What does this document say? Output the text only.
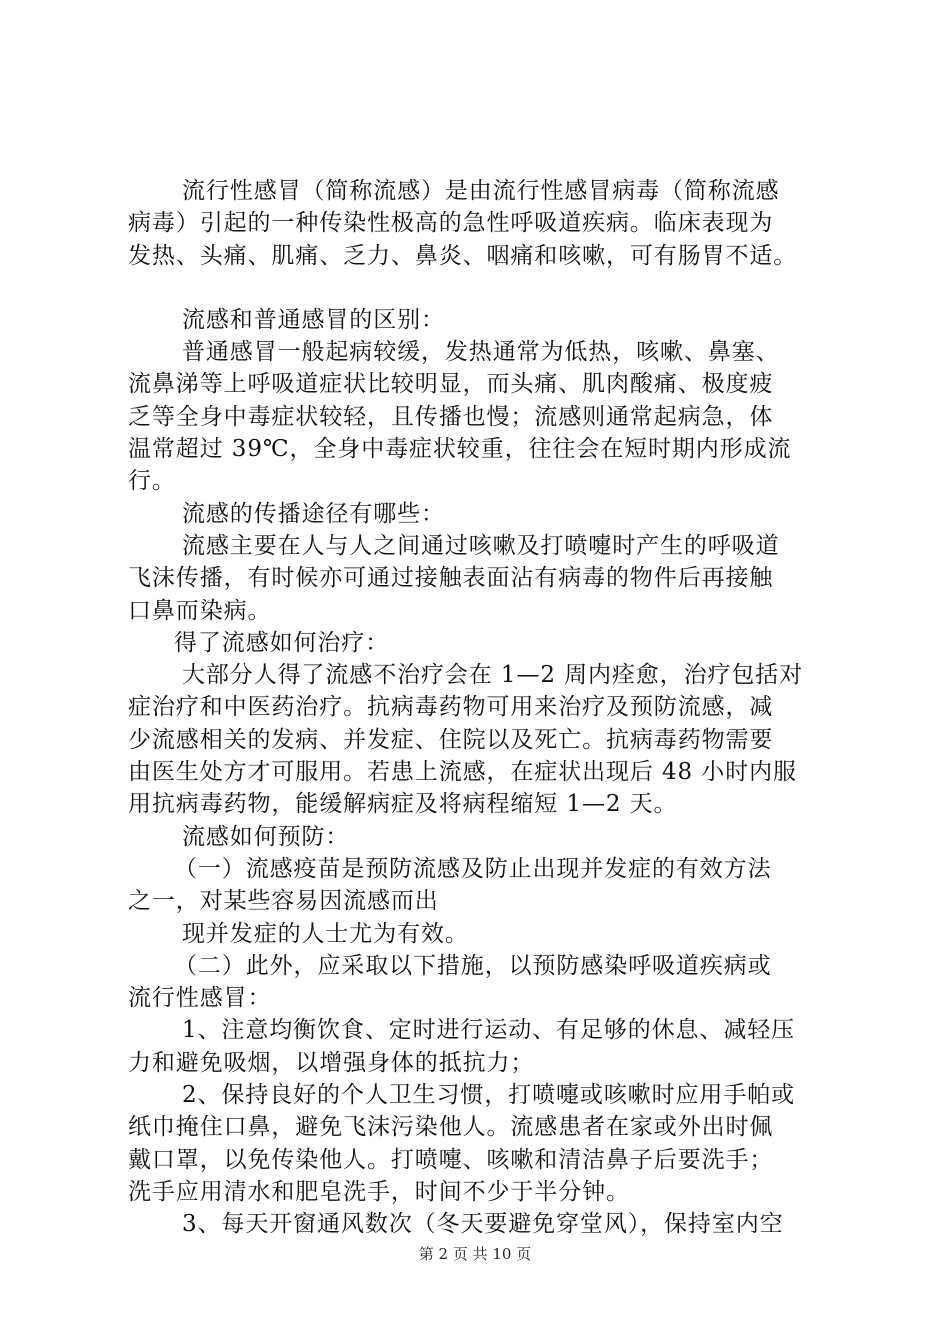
流行性感冒（简称流感）是由流行性感冒病毒（简称流感
病毒）引起的一种传染性极高的急性呼吸道疾病。临床表现为
发热、头痛、肌痛、乏力、鼻炎、咽痛和咳嗽，可有肠胃不适。
流感和普通感冒的区别：
普通感冒一般起病较缓，发热通常为低热，咳嗽、鼻塞、
流鼻涕等上呼吸道症状比较明显，而头痛、肌肉酸痛、极度疲
乏等全身中毒症状较轻，且传播也慢；流感则通常起病急，体
温常超过 39℃，全身中毒症状较重，往往会在短时期内形成流
行。
流感的传播途径有哪些：
流感主要在人与人之间通过咳嗽及打喷嚏时产生的呼吸道
飞沫传播，有时候亦可通过接触表面沾有病毒的物件后再接触
口鼻而染病。
得了流感如何治疗：
大部分人得了流感不治疗会在 1—2 周内痊愈，治疗包括对
症治疗和中医药治疗。抗病毒药物可用来治疗及预防流感，减
少流感相关的发病、并发症、住院以及死亡。抗病毒药物需要
由医生处方才可服用。若患上流感，在症状出现后 48 小时内服
用抗病毒药物，能缓解病症及将病程缩短 1—2 天。
流感如何预防：
（一）流感疫苗是预防流感及防止出现并发症的有效方法
之一，对某些容易因流感而出
现并发症的人士尤为有效。
（二）此外，应采取以下措施，以预防感染呼吸道疾病或
流行性感冒：
1、注意均衡饮食、定时进行运动、有足够的休息、减轻压
力和避免吸烟，以增强身体的抵抗力；
2、保持良好的个人卫生习惯，打喷嚏或咳嗽时应用手帕或
纸巾掩住口鼻，避免飞沫污染他人。流感患者在家或外出时佩
戴口罩，以免传染他人。打喷嚏、咳嗽和清洁鼻子后要洗手；
洗手应用清水和肥皂洗手，时间不少于半分钟。
3、每天开窗通风数次（冬天要避免穿堂风），保持室内空
第 2 页 共 10 页
